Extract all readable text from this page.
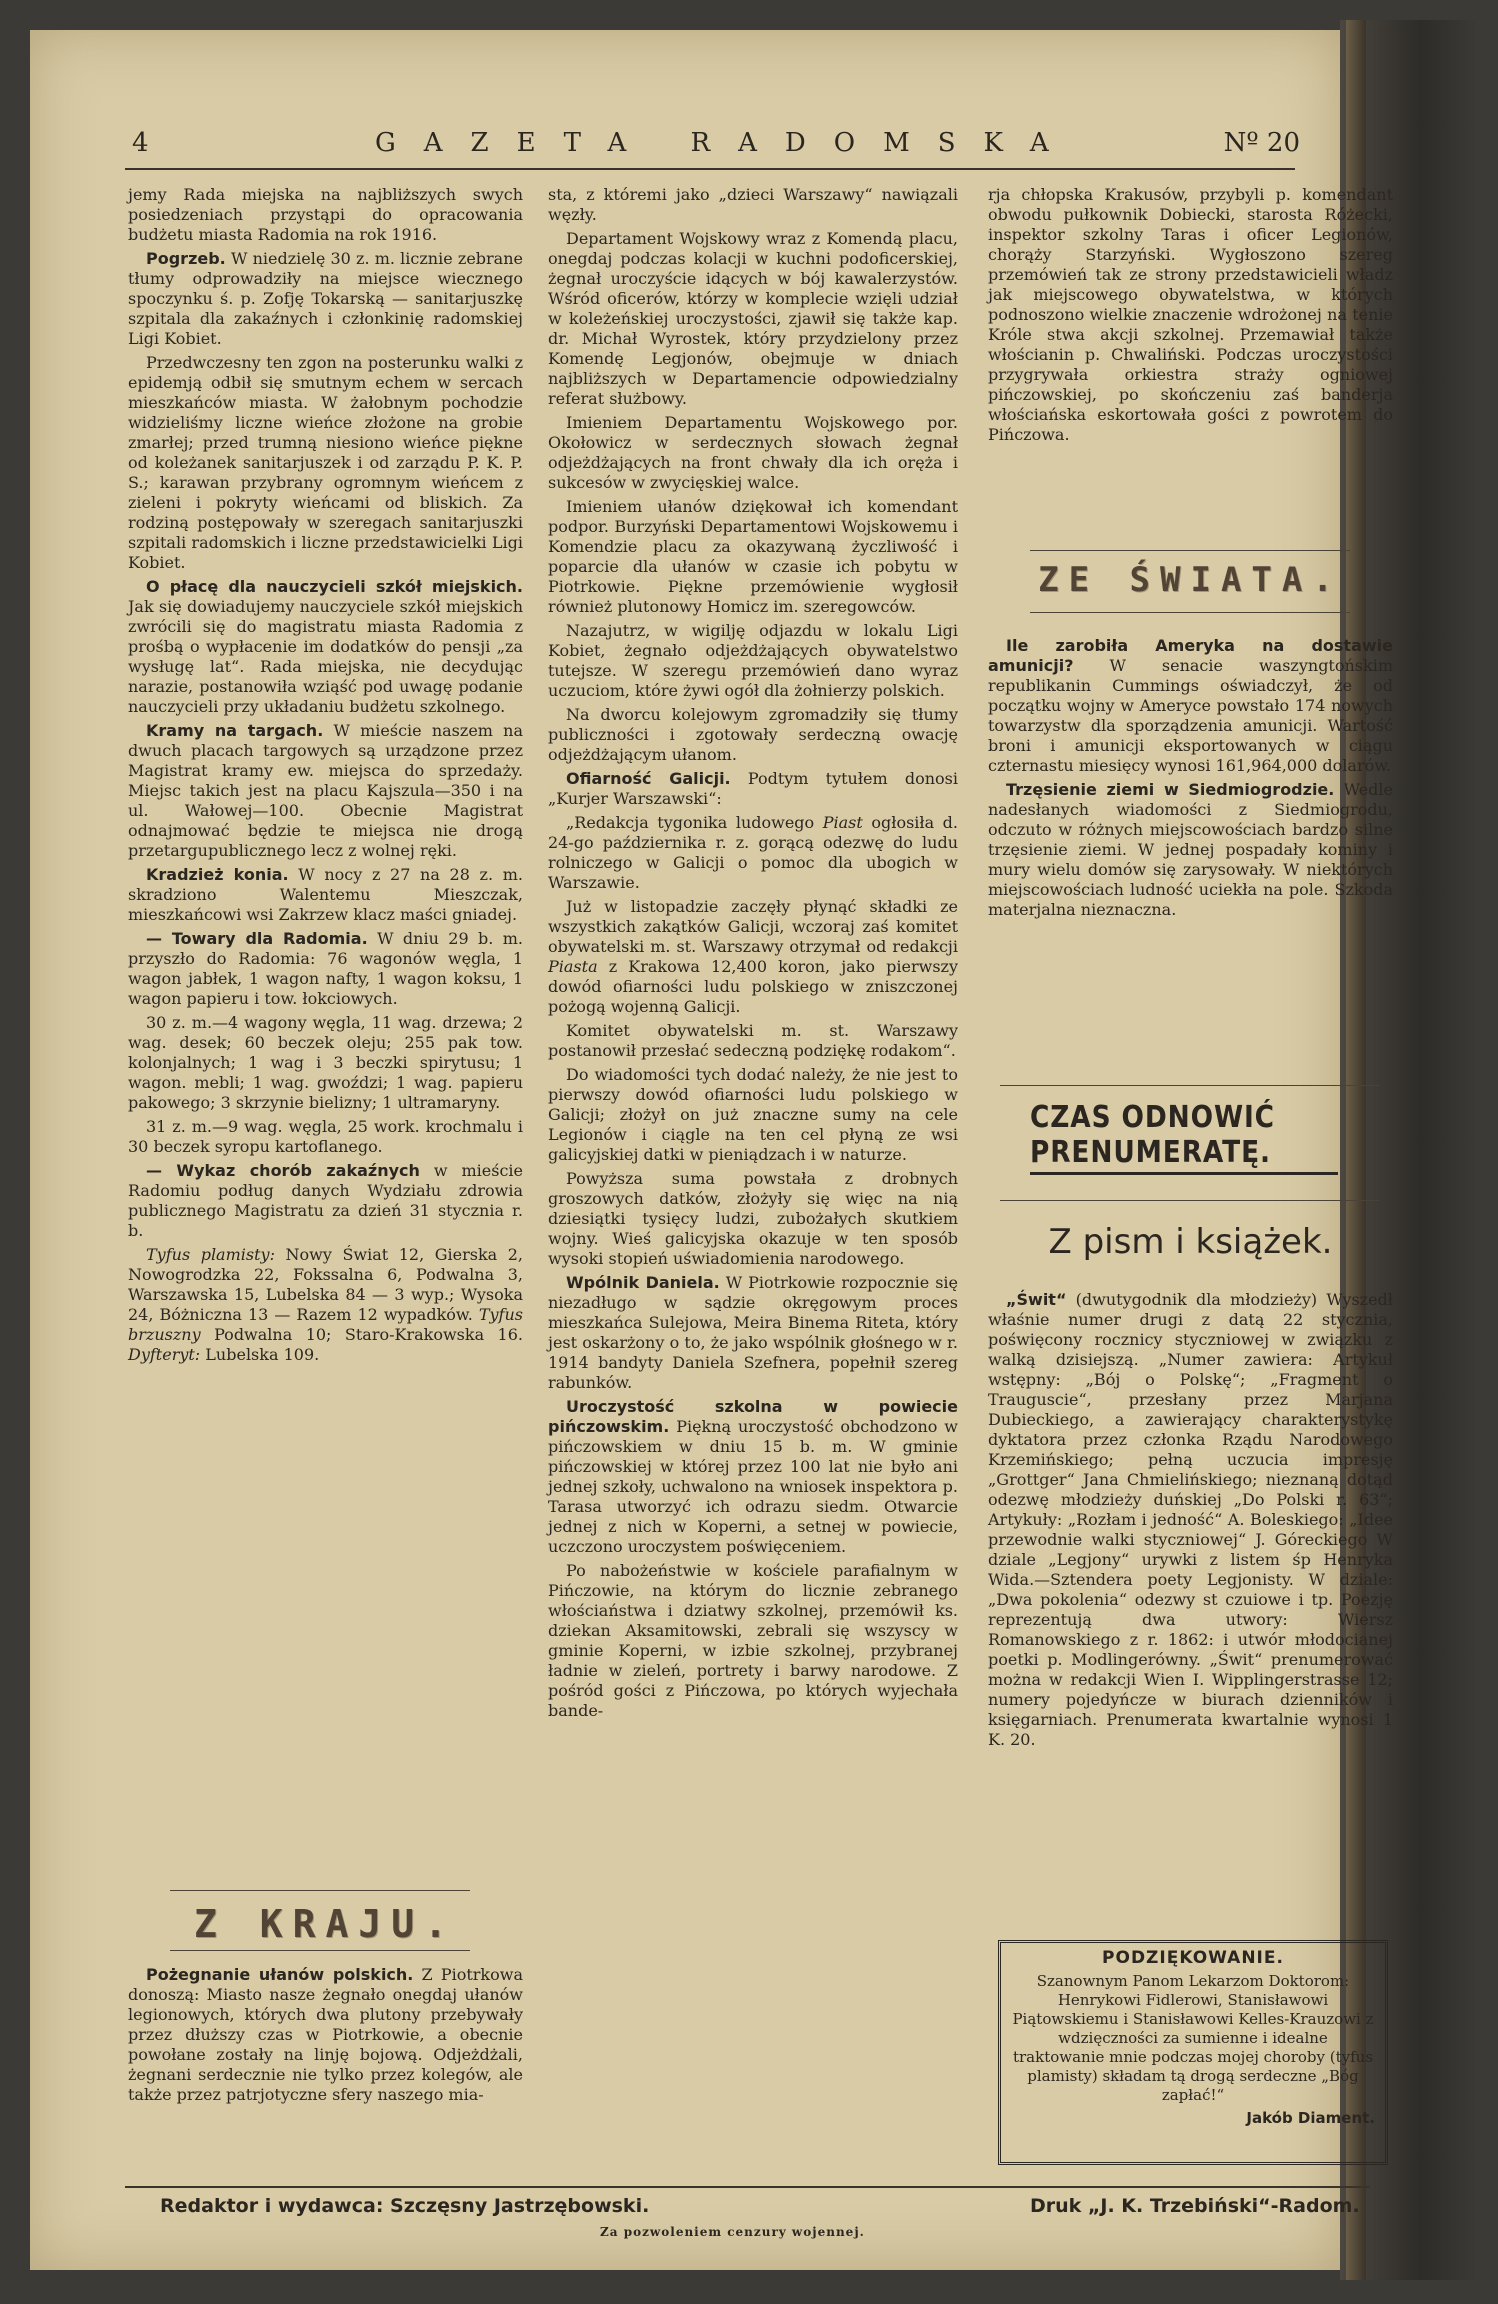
4	GAZETA RADOMSKA	Nº 20

jemy Rada miejska na najbliższych swych posiedzeniach przystąpi do opracowania budżetu miasta Radomia na rok 1916.

Pogrzeb. W niedzielę 30 z. m. licznie zebrane tłumy odprowadziły na miejsce wiecznego spoczynku ś. p. Zofję Tokarską — sanitarjuszkę szpitala dla zakaźnych i członkinię radomskiej Ligi Kobiet.

Przedwczesny ten zgon na posterunku walki z epidemją odbił się smutnym echem w sercach mieszkańców miasta. W żałobnym pochodzie widzieliśmy liczne wieńce złożone na grobie zmarłej; przed trumną niesiono wieńce piękne od koleżanek sanitarjuszek i od zarządu P. K. P. S.; karawan przybrany ogromnym wieńcem z zieleni i pokryty wieńcami od bliskich. Za rodziną postępowały w szeregach sanitarjuszki szpitali radomskich i liczne przedstawicielki Ligi Kobiet.

O płacę dla nauczycieli szkół miejskich. Jak się dowiadujemy nauczyciele szkół miejskich zwrócili się do magistratu miasta Radomia z prośbą o wypłacenie im dodatków do pensji „za wysługę lat“. Rada miejska, nie decydując narazie, postanowiła wziąść pod uwagę podanie nauczycieli przy układaniu budżetu szkolnego.

Kramy na targach. W mieście naszem na dwuch placach targowych są urządzone przez Magistrat kramy ew. miejsca do sprzedaży. Miejsc takich jest na placu Kajszula—350 i na ul. Wałowej—100. Obecnie Magistrat odnajmować będzie te miejsca nie drogą przetargupublicznego lecz z wolnej ręki.

Kradzież konia. W nocy z 27 na 28 z. m. skradziono Walentemu Mieszczak, mieszkańcowi wsi Zakrzew klacz maści gniadej.

— Towary dla Radomia. W dniu 29 b. m. przyszło do Radomia: 76 wagonów węgla, 1 wagon jabłek, 1 wagon nafty, 1 wagon koksu, 1 wagon papieru i tow. łokciowych.

30 z. m.—4 wagony węgla, 11 wag. drzewa; 2 wag. desek; 60 beczek oleju; 255 pak tow. kolonjalnych; 1 wag i 3 beczki spirytusu; 1 wagon. mebli; 1 wag. gwoździ; 1 wag. papieru pakowego; 3 skrzynie bielizny; 1 ultramaryny.

31 z. m.—9 wag. węgla, 25 work. krochmalu i 30 beczek syropu kartoflanego.

— Wykaz chorób zakaźnych w mieście Radomiu podług danych Wydziału zdrowia publicznego Magistratu za dzień 31 stycznia r. b.

Tyfus plamisty: Nowy Świat 12, Gierska 2, Nowogrodzka 22, Fokssalna 6, Podwalna 3, Warszawska 15, Lubelska 84 — 3 wyp.; Wysoka 24, Bóżniczna 13 — Razem 12 wypadków. Tyfus brzuszny Podwalna 10; Staro-Krakowska 16. Dyfteryt: Lubelska 109.

Z KRAJU.

Pożegnanie ułanów polskich. Z Piotrkowa donoszą: Miasto nasze żegnało onegdaj ułanów legionowych, których dwa plutony przebywały przez dłuższy czas w Piotrkowie, a obecnie powołane zostały na linję bojową. Odjeżdżali, żegnani serdecznie nie tylko przez kolegów, ale także przez patrjotyczne sfery naszego mia-

sta, z któremi jako „dzieci Warszawy“ nawiązali węzły.

Departament Wojskowy wraz z Komendą placu, onegdaj podczas kolacji w kuchni podoficerskiej, żegnał uroczyście idących w bój kawalerzystów. Wśród oficerów, którzy w komplecie wzięli udział w koleżeńskiej uroczystości, zjawił się także kap. dr. Michał Wyrostek, który przydzielony przez Komendę Legjonów, obejmuje w dniach najbliższych w Departamencie odpowiedzialny referat służbowy.

Imieniem Departamentu Wojskowego por. Okołowicz w serdecznych słowach żegnał odjeżdżających na front chwały dla ich oręża i sukcesów w zwycięskiej walce.

Imieniem ułanów dziękował ich komendant podpor. Burzyński Departamentowi Wojskowemu i Komendzie placu za okazywaną życzliwość i poparcie dla ułanów w czasie ich pobytu w Piotrkowie. Piękne przemówienie wygłosił również plutonowy Homicz im. szeregowców.

Nazajutrz, w wigilję odjazdu w lokalu Ligi Kobiet, żegnało odjeżdżających obywatelstwo tutejsze. W szeregu przemówień dano wyraz uczuciom, które żywi ogół dla żołnierzy polskich.

Na dworcu kolejowym zgromadziły się tłumy publiczności i zgotowały serdeczną owację odjeżdżającym ułanom.

Ofiarność Galicji. Podtym tytułem donosi „Kurjer Warszawski“:

„Redakcja tygonika ludowego Piast ogłosiła d. 24-go października r. z. gorącą odezwę do ludu rolniczego w Galicji o pomoc dla ubogich w Warszawie.

Już w listopadzie zaczęły płynąć składki ze wszystkich zakątków Galicji, wczoraj zaś komitet obywatelski m. st. Warszawy otrzymał od redakcji Piasta z Krakowa 12,400 koron, jako pierwszy dowód ofiarności ludu polskiego w zniszczonej pożogą wojenną Galicji.

Komitet obywatelski m. st. Warszawy postanowił przesłać sedeczną podziękę rodakom“.

Do wiadomości tych dodać należy, że nie jest to pierwszy dowód ofiarności ludu polskiego w Galicji; złożył on już znaczne sumy na cele Legionów i ciągle na ten cel płyną ze wsi galicyjskiej datki w pieniądzach i w naturze.

Powyższa suma powstała z drobnych groszowych datków, złożyły się więc na nią dziesiątki tysięcy ludzi, zubożałych skutkiem wojny. Wieś galicyjska okazuje w ten sposób wysoki stopień uświadomienia narodowego.

Wpólnik Daniela. W Piotrkowie rozpocznie się niezadługo w sądzie okręgowym proces mieszkańca Sulejowa, Meira Binema Riteta, który jest oskarżony o to, że jako wspólnik głośnego w r. 1914 bandyty Daniela Szefnera, popełnił szereg rabunków.

Uroczystość szkolna w powiecie pińczowskim. Piękną uroczystość obchodzono w pińczowskiem w dniu 15 b. m. W gminie pińczowskiej w której przez 100 lat nie było ani jednej szkoły, uchwalono na wniosek inspektora p. Tarasa utworzyć ich odrazu siedm. Otwarcie jednej z nich w Koperni, a setnej w powiecie, uczczono uroczystem poświęceniem.

Po nabożeństwie w kościele parafialnym w Pińczowie, na którym do licznie zebranego włościaństwa i dziatwy szkolnej, przemówił ks. dziekan Aksamitowski, zebrali się wszyscy w gminie Koperni, w izbie szkolnej, przybranej ładnie w zieleń, portrety i barwy narodowe. Z pośród gości z Pińczowa, po których wyjechała bande-

rja chłopska Krakusów, przybyli p. komendant obwodu pułkownik Dobiecki, starosta Różecki, inspektor szkolny Taras i oficer Legionów, chorąży Starzyński. Wygłoszono szereg przemówień tak ze strony przedstawicieli władz jak miejscowego obywatelstwa, w których podnoszono wielkie znaczenie wdrożonej na tenie Króle stwa akcji szkolnej. Przemawiał także włościanin p. Chwaliński. Podczas uroczystości przygrywała orkiestra straży ogniowej pińczowskiej, po skończeniu zaś banderja włościańska eskortowała gości z powrotem do Pińczowa.

ZE ŚWIATA.

Ile zarobiła Ameryka na dostawie amunicji? W senacie waszyngtońskim republikanin Cummings oświadczył, że od początku wojny w Ameryce powstało 174 nowych towarzystw dla sporządzenia amunicji. Wartość broni i amunicji eksportowanych w ciągu czternastu miesięcy wynosi 161,964,000 dolarów.

Trzęsienie ziemi w Siedmiogrodzie. Wedle nadesłanych wiadomości z Siedmiogrodu, odczuto w różnych miejscowościach bardzo silne trzęsienie ziemi. W jednej pospadały kominy i mury wielu domów się zarysowały. W niektórych miejscowościach ludność uciekła na pole. Szkoda materjalna nieznaczna.

CZAS ODNOWIĆ PRENUMERATĘ.
Z pism i książek.

„Świt“ (dwutygodnik dla młodzieży) Wyszedł właśnie numer drugi z datą 22 stycznia, poświęcony rocznicy styczniowej w związku z walką dzisiejszą. „Numer zawiera: Artykuł wstępny: „Bój o Polskę“; „Fragment o Trauguscie“, przesłany przez Marjana Dubieckiego, a zawierający charakterystykę dyktatora przez członka Rządu Narodowego Krzemińskiego; pełną uczucia impresję „Grottger“ Jana Chmielińskiego; nieznaną dotąd odezwę młodzieży duńskiej „Do Polski r. 63“; Artykuły: „Rozłam i jedność“ A. Boleskiego: „Idee przewodnie walki styczniowej“ J. Góreckiego W dziale „Legjony“ urywki z listem śp Henryka Wida.—Sztendera poety Legjonisty. W dziale: „Dwa pokolenia“ odezwy st czuiowe i tp. Poezję reprezentują dwa utwory: Wiersz Romanowskiego z r. 1862: i utwór młodocianej poetki p. Modlingerówny. „Świt“ prenumerować można w redakcji Wien I. Wipplingerstrasse 12; numery pojedyńcze w biurach dzienników i księgarniach. Prenumerata kwartalnie wynosi 1 K. 20.

PODZIĘKOWANIE.
Szanownym Panom Lekarzom Doktorom: Henrykowi Fidlerowi, Stanisławowi Piątowskiemu i Stanisławowi Kelles-Krauzowi z wdzięczności za sumienne i idealne traktowanie mnie podczas mojej choroby (tyfus plamisty) składam tą drogą serdeczne „Bóg zapłać!“
Jakób Diament.
Redaktor i wydawca: Szczęsny Jastrzębowski.	Druk „J. K. Trzebiński“-Radom.
Za pozwoleniem cenzury wojennej.
